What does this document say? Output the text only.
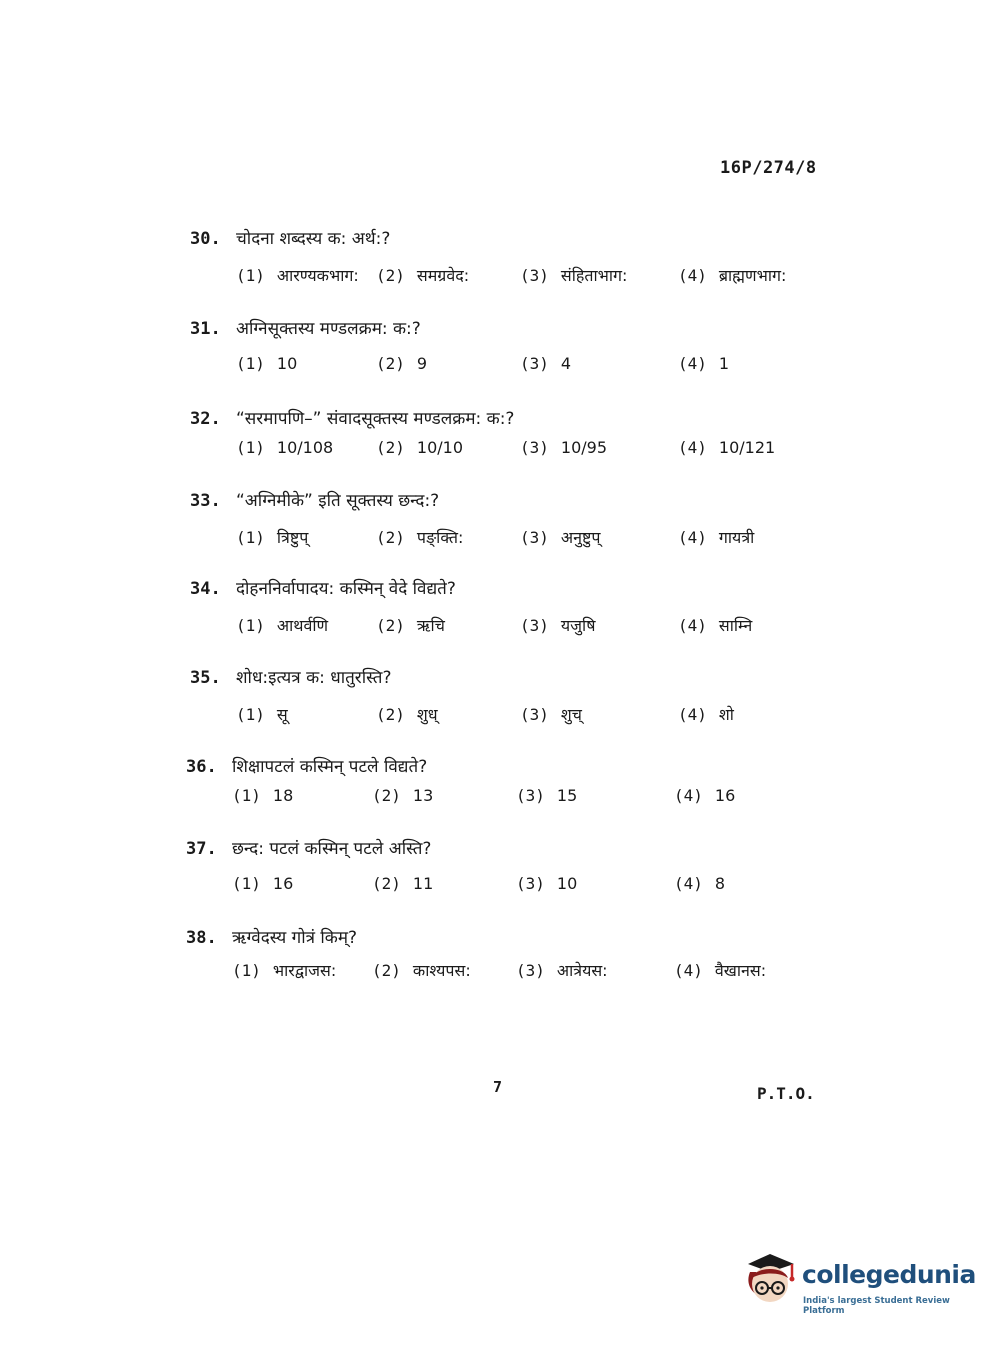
16P/274/8
30. चोदना शब्दस्य क: अर्थ:?
(1) आरण्यकभाग: (2) समग्रवेद:	(3) संहिताभाग:	(4) ब्राह्मणभाग:
31. अग्निसूक्तस्य मण्डलक्रम: क:?
(1) 10	(2) 9	(3) 4	(4) 1
32. “सरमापणि–” संवादसूक्तस्य मण्डलक्रम: क:?
(1) 10/108	(2) 10/10	(3) 10/95	(4) 10/121
33. “अग्निमीके” इति सूक्तस्य छन्द:?
(1) त्रिष्टुप्	(2) पङ्क्ति:	(3) अनुष्टुप्	(4) गायत्री
34. दोहननिर्वापादय: कस्मिन् वेदे विद्यते?
(1) आथर्वणि	(2) ऋचि	(3) यजुषि	(4) साम्नि
35. शोध:इत्यत्र क: धातुरस्ति?
(1) सू	(2) शुध्	(3) शुच्	(4) शो
36. शिक्षापटलं कस्मिन् पटले विद्यते?
(1) 18	(2) 13	(3) 15	(4) 16
37. छन्द: पटलं कस्मिन् पटले अस्ति?
(1) 16	(2) 11	(3) 10	(4) 8
38. ऋग्वेदस्य गोत्रं किम्?
(1) भारद्वाजस: (2) काश्यपस:	(3) आत्रेयस:	(4) वैखानस:
7	P.T.O.
collegedunia
India's largest Student Review Platform
